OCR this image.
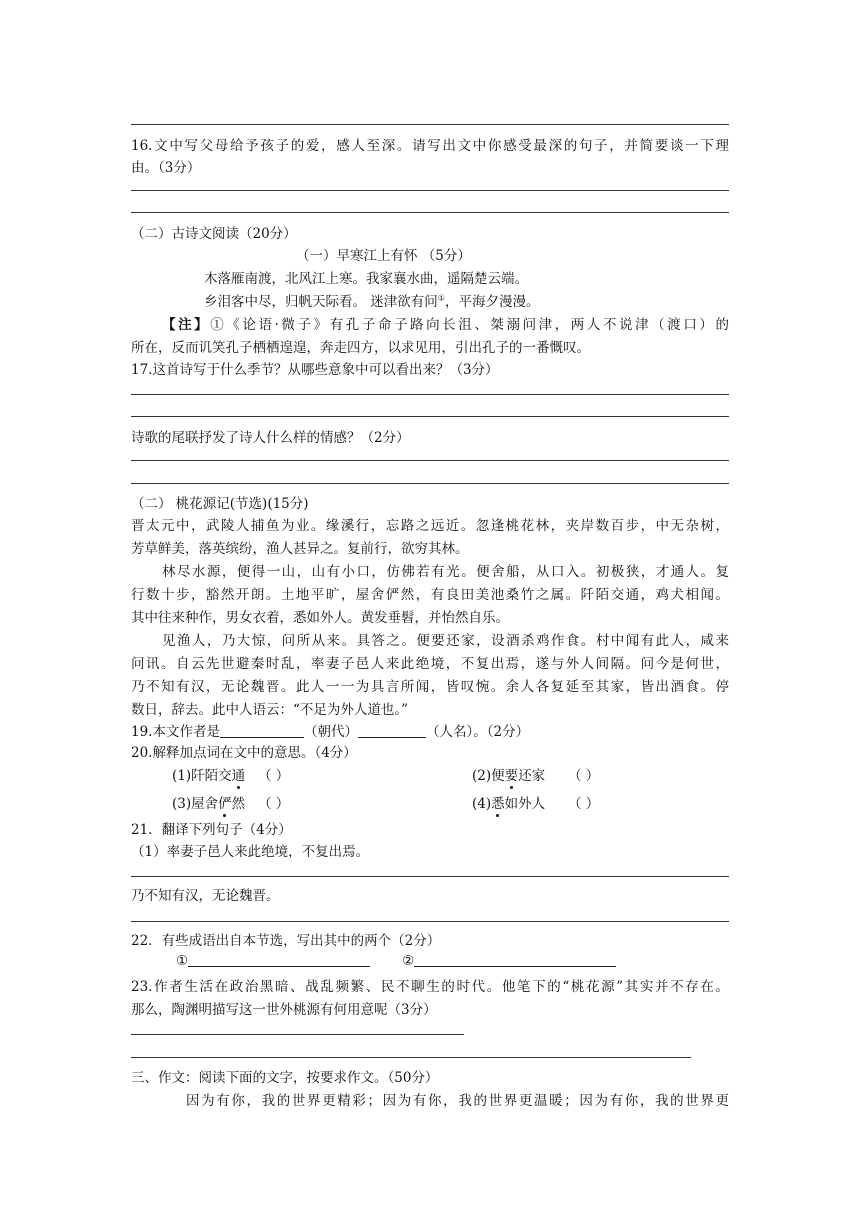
16.文中写父母给予孩子的爱，感人至深。请写出文中你感受最深的句子，并简要谈一下理
由。（3分）
（二）古诗文阅读（20分）
（一）早寒江上有怀 （5分）
木落雁南渡，北风江上寒。我家襄水曲，遥隔楚云端。
乡泪客中尽，归帆天际看。 迷津欲有问①，平海夕漫漫。
【注】①《论语·微子》有孔子命子路向长沮、桀溺问津，两人不说津（渡口）的
所在，反而讥笑孔子栖栖遑遑，奔走四方，以求见用，引出孔子的一番慨叹。
17.这首诗写于什么季节？从哪些意象中可以看出来？（3分）
诗歌的尾联抒发了诗人什么样的情感？（2分）
（二） 桃花源记(节选)(15分)
晋太元中，武陵人捕鱼为业。缘溪行，忘路之远近。忽逢桃花林，夹岸数百步，中无杂树，
芳草鲜美，落英缤纷，渔人甚异之。复前行，欲穷其林。
林尽水源，便得一山，山有小口，仿佛若有光。便舍船，从口入。初极狭，才通人。复
行数十步，豁然开朗。土地平旷，屋舍俨然，有良田美池桑竹之属。阡陌交通，鸡犬相闻。
其中往来种作，男女衣着，悉如外人。黄发垂髫，并怡然自乐。
见渔人，乃大惊，问所从来。具答之。便要还家，设酒杀鸡作食。村中闻有此人，咸来
问讯。自云先世避秦时乱，率妻子邑人来此绝境，不复出焉，遂与外人间隔。问今是何世，
乃不知有汉，无论魏晋。此人一一为具言所闻，皆叹惋。余人各复延至其家，皆出酒食。停
数日，辞去。此中人语云：“不足为外人道也。”
19.本文作者是	（朝代）	（人名）。（2分）
20.解释加点词在文中的意思。（4分）
(1)阡陌交通 （ ）	(2)便要还家 （ ）
(3)屋舍俨然 （ ）	(4)悉如外人 （ ）
21．翻译下列句子（4分）
（1）率妻子邑人来此绝境，不复出焉。
乃不知有汉，无论魏晋。
22．有些成语出自本节选，写出其中的两个（2分）
①	②
23.作者生活在政治黑暗、战乱频繁、民不聊生的时代。他笔下的“桃花源”其实并不存在。
那么，陶渊明描写这一世外桃源有何用意呢（3分）
三、作文：阅读下面的文字，按要求作文。（50分）
因为有你，我的世界更精彩；因为有你，我的世界更温暖；因为有你，我的世界更
